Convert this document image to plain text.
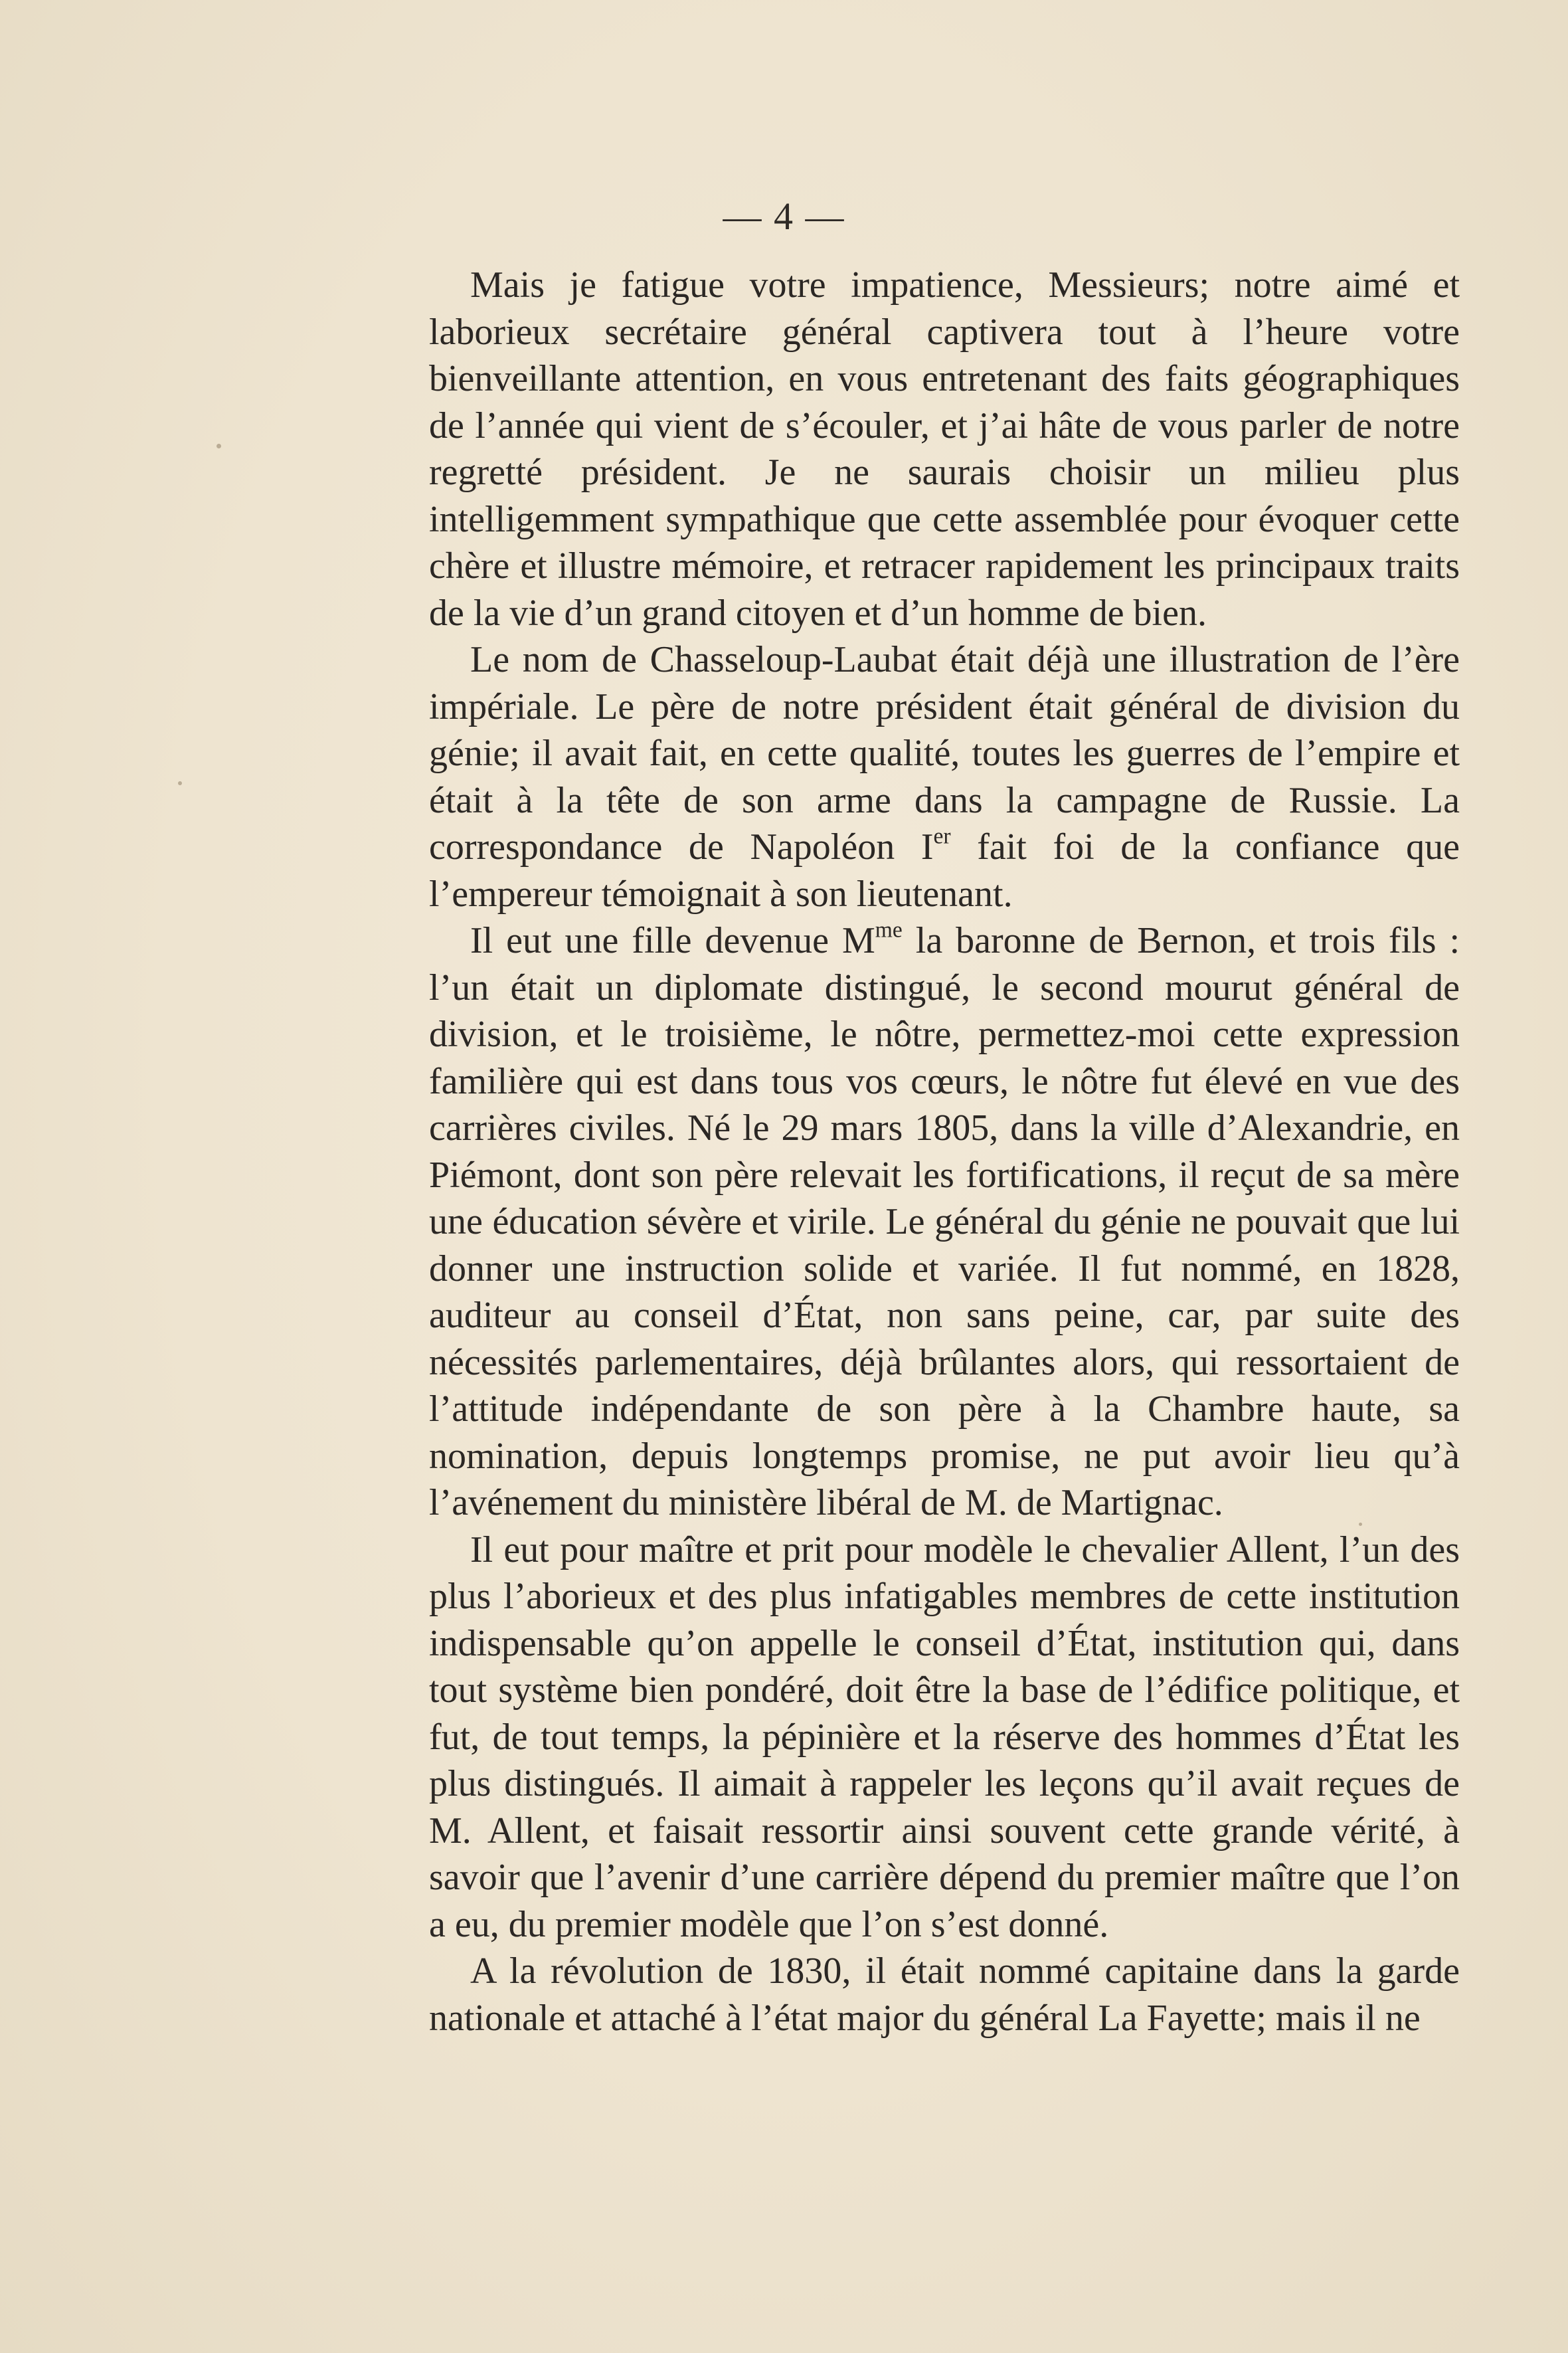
— 4 —

Mais je fatigue votre impatience, Messieurs; notre aimé et laborieux secrétaire général captivera tout à l’heure votre bienveillante attention, en vous entretenant des faits géographiques de l’année qui vient de s’écouler, et j’ai hâte de vous parler de notre regretté président. Je ne saurais choisir un milieu plus intelligemment sympathique que cette assemblée pour évoquer cette chère et illustre mémoire, et retracer rapidement les principaux traits de la vie d’un grand citoyen et d’un homme de bien.

Le nom de Chasseloup-Laubat était déjà une illustration de l’ère impériale. Le père de notre président était général de division du génie; il avait fait, en cette qualité, toutes les guerres de l’empire et était à la tête de son arme dans la campagne de Russie. La correspondance de Napoléon Ier fait foi de la confiance que l’empereur témoignait à son lieutenant.

Il eut une fille devenue $M^{me}$ la baronne de Bernon, et trois fils : l’un était un diplomate distingué, le second mourut général de division, et le troisième, le nôtre, permettez-moi cette expression familière qui est dans tous vos cœurs, le nôtre fut élevé en vue des carrières civiles. Né le 29 mars 1805, dans la ville d’Alexandrie, en Piémont, dont son père relevait les fortifications, il reçut de sa mère une éducation sévère et virile. Le général du génie ne pouvait que lui donner une instruction solide et variée. Il fut nommé, en 1828, auditeur au conseil d’État, non sans peine, car, par suite des nécessités parlementaires, déjà brûlantes alors, qui ressortaient de l’attitude indépendante de son père à la Chambre haute, sa nomination, depuis longtemps promise, ne put avoir lieu qu’à l’avénement du ministère libéral de M. de Martignac.

Il eut pour maître et prit pour modèle le chevalier Allent, l’un des plus l’aborieux et des plus infatigables membres de cette institution indispensable qu’on appelle le conseil d’État, institution qui, dans tout système bien pondéré, doit être la base de l’édifice politique, et fut, de tout temps, la pépinière et la réserve des hommes d’État les plus distingués. Il aimait à rappeler les leçons qu’il avait reçues de M. Allent, et faisait ressortir ainsi souvent cette grande vérité, à savoir que l’avenir d’une carrière dépend du premier maître que l’on a eu, du premier modèle que l’on s’est donné.

A la révolution de 1830, il était nommé capitaine dans la garde nationale et attaché à l’état major du général La Fayette; mais il ne
